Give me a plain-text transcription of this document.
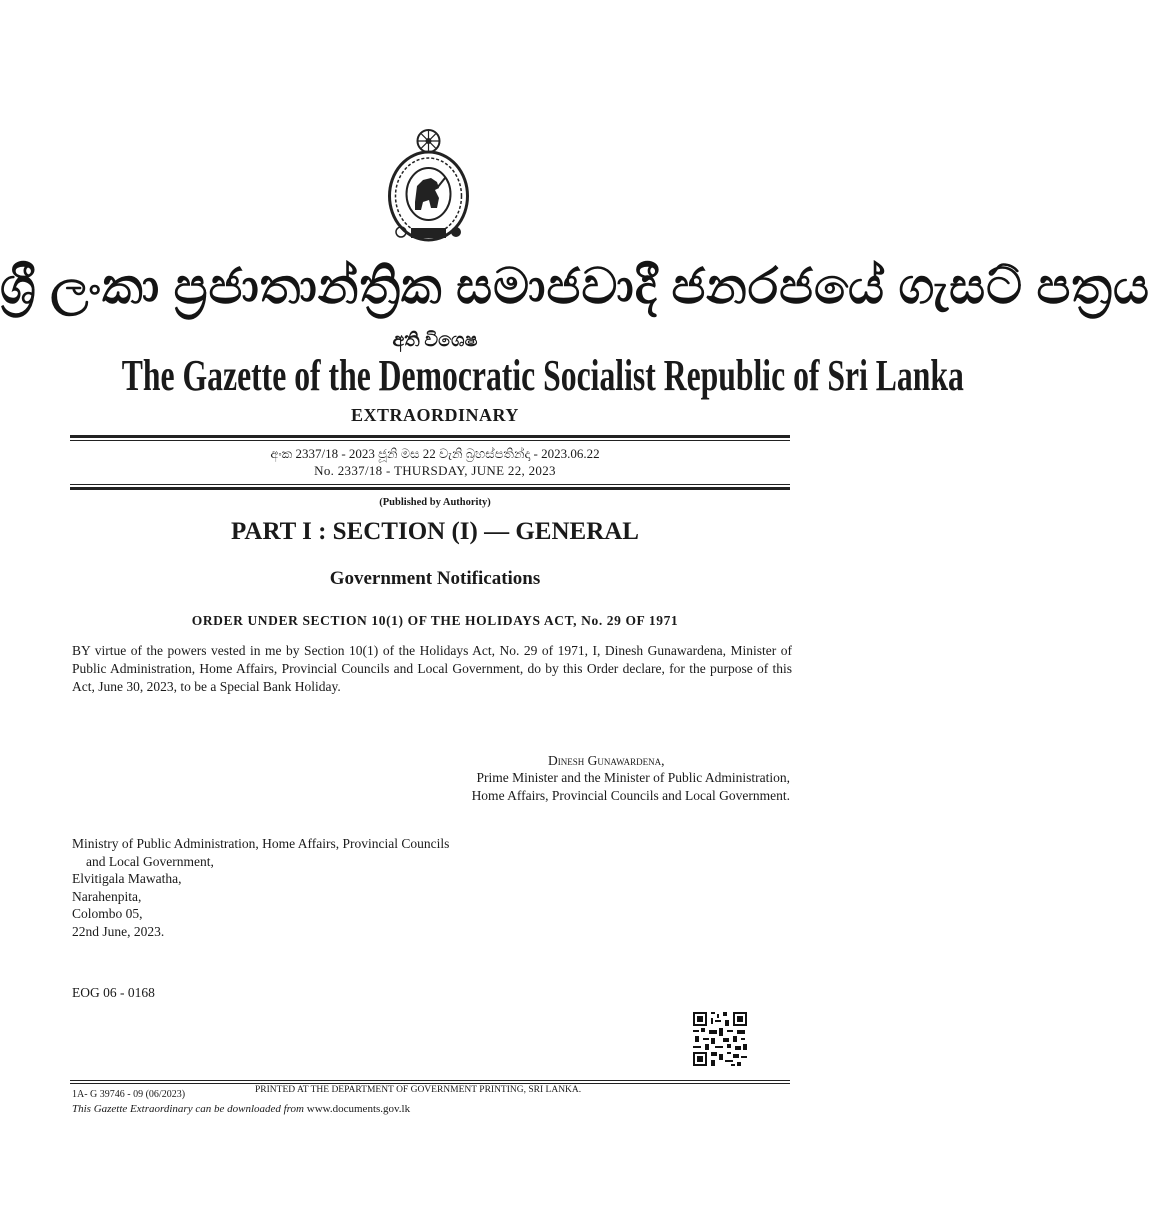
ශ්‍රී ලංකා ප්‍රජාතාන්ත්‍රික සමාජවාදී ජනරජයේ ගැසට් පත්‍රය
අති විශෙෂ
The Gazette of the Democratic Socialist Republic of Sri Lanka
EXTRAORDINARY
අංක 2337/18 - 2023 ජූනි මස 22 වැනි බ්‍රහස්පතින්දා - 2023.06.22
No. 2337/18 - THURSDAY, JUNE 22, 2023
(Published by Authority)
PART I : SECTION (I) — GENERAL
Government Notifications
ORDER UNDER SECTION 10(1) OF THE HOLIDAYS ACT, No. 29 OF 1971
BY virtue of the powers vested in me by Section 10(1) of the Holidays Act, No. 29 of 1971, I, Dinesh Gunawardena, Minister of Public Administration, Home Affairs, Provincial Councils and Local Government, do by this Order declare, for the purpose of this Act, June 30, 2023, to be a Special Bank Holiday.
Dinesh Gunawardena,
Prime Minister and the Minister of Public Administration,
Home Affairs, Provincial Councils and Local Government.
Ministry of Public Administration, Home Affairs, Provincial Councils
and Local Government,
Elvitigala Mawatha,
Narahenpita,
Colombo 05,
22nd June, 2023.
EOG 06 - 0168
PRINTED AT THE DEPARTMENT OF GOVERNMENT PRINTING, SRI LANKA.
1A- G 39746 - 09 (06/2023)
This Gazette Extraordinary can be downloaded from www.documents.gov.lk
